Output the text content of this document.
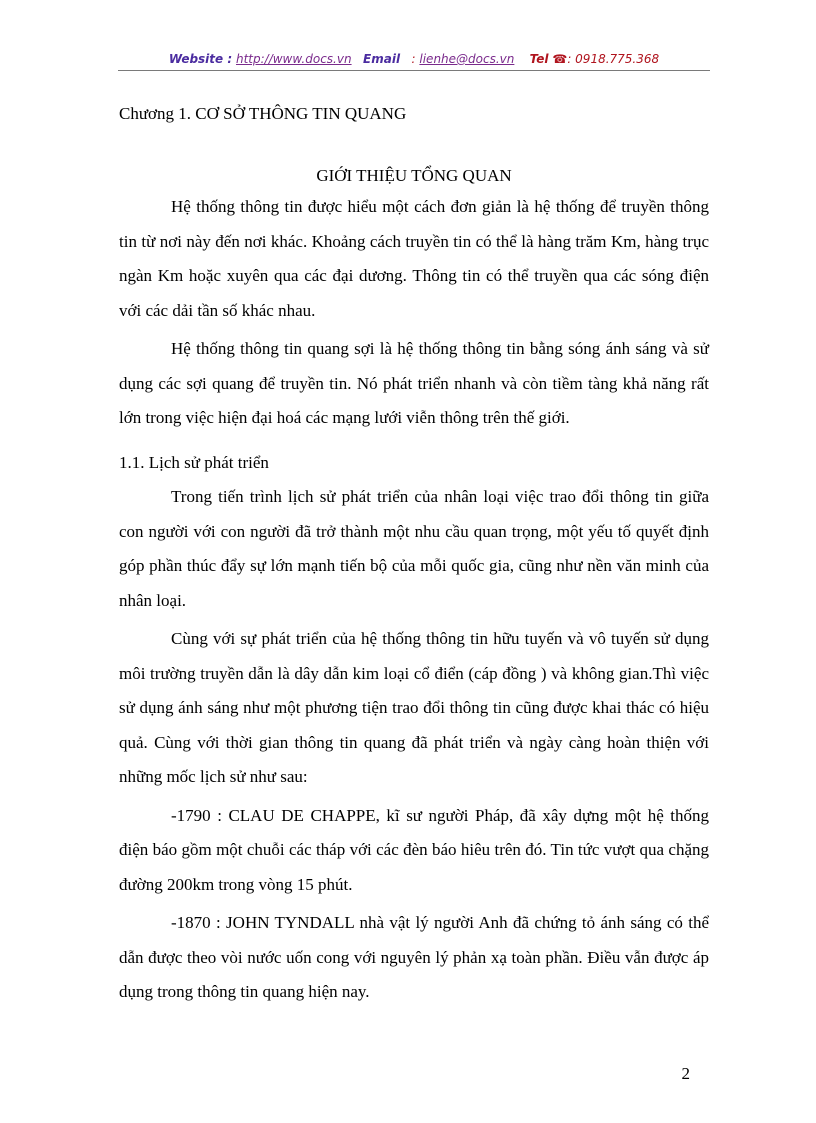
Website : http://www.docs.vn Email : lienhe@docs.vn Tel ☎: 0918.775.368
Chương 1. CƠ SỞ THÔNG TIN QUANG
GIỚI THIỆU TỔNG QUAN

Hệ thống thông tin được hiểu một cách đơn giản là hệ thống để truyền thông tin từ nơi này đến nơi khác. Khoảng cách truyền tin có thể là hàng trăm Km, hàng trục ngàn Km hoặc xuyên qua các đại dương. Thông tin có thể truyền qua các sóng điện với các dải tần số khác nhau.

Hệ thống thông tin quang sợi là hệ thống thông tin bằng sóng ánh sáng và sử dụng các sợi quang để truyền tin. Nó phát triển nhanh và còn tiềm tàng khả năng rất lớn trong việc hiện đại hoá các mạng lưới viễn thông trên thế giới.

1.1. Lịch sử phát triển

Trong tiến trình lịch sử phát triển của nhân loại việc trao đổi thông tin giữa con người với con người đã trở thành một nhu cầu quan trọng, một yếu tố quyết định góp phần thúc đẩy sự lớn mạnh tiến bộ của mỗi quốc gia, cũng như nền văn minh của nhân loại.

Cùng với sự phát triển của hệ thống thông tin hữu tuyến và vô tuyến sử dụng môi trường truyền dẫn là dây dẫn kim loại cổ điển (cáp đồng ) và không gian.Thì việc sử dụng ánh sáng như một phương tiện trao đổi thông tin cũng được khai thác có hiệu quả. Cùng với thời gian thông tin quang đã phát triển và ngày càng hoàn thiện với những mốc lịch sử như sau:

-1790 : CLAU DE CHAPPE, kĩ sư người Pháp, đã xây dựng một hệ thống điện báo gồm một chuỗi các tháp với các đèn báo hiêu trên đó. Tin tức vượt qua chặng đường 200km trong vòng 15 phút.

-1870 : JOHN TYNDALL nhà vật lý người Anh đã chứng tỏ ánh sáng có thể dẫn được theo vòi nước uốn cong với nguyên lý phản xạ toàn phần. Điều vẫn được áp dụng trong thông tin quang hiện nay.

2
